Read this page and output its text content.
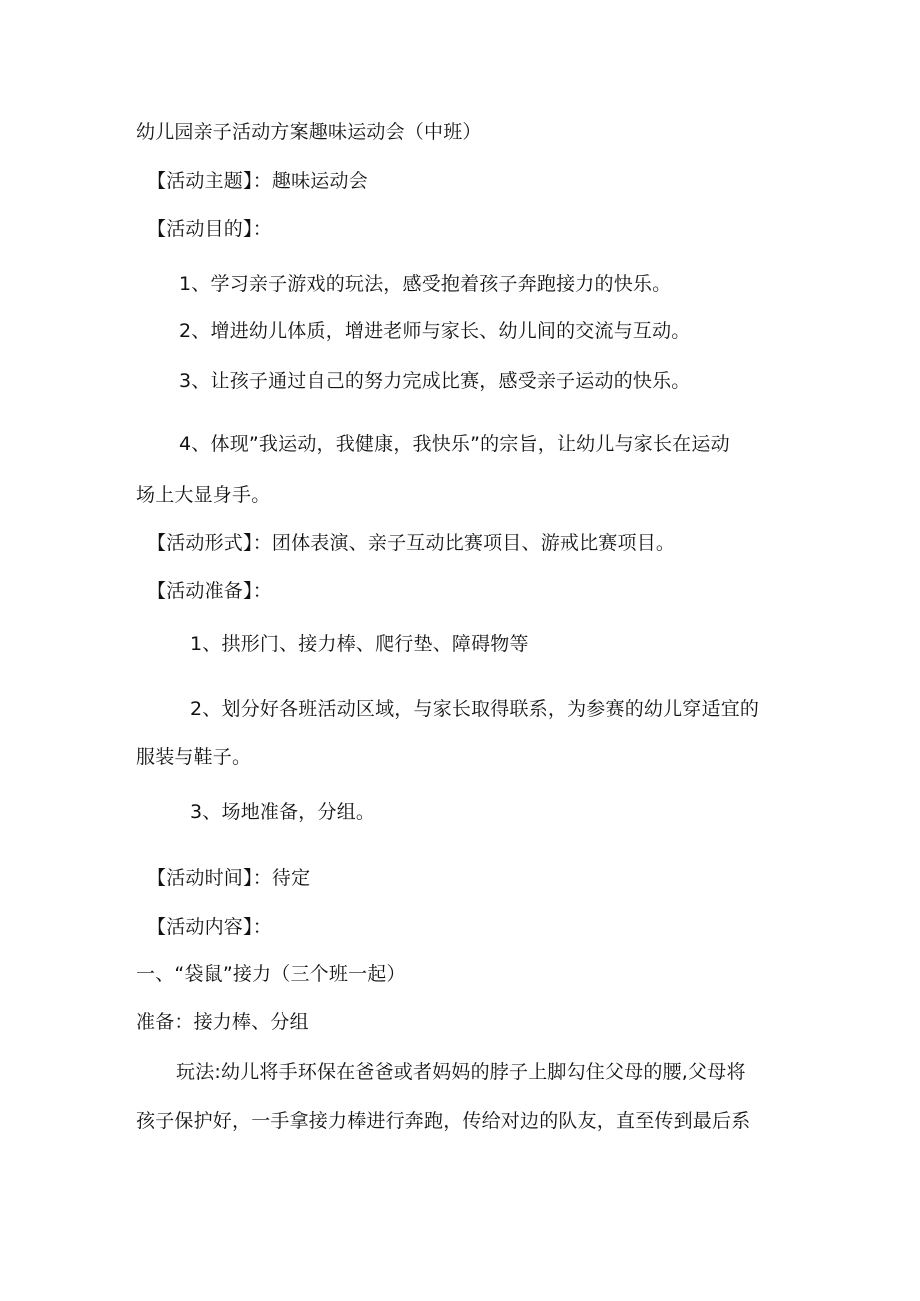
幼儿园亲子活动方案趣味运动会（中班）
【活动主题】：趣味运动会
【活动目的】：
1、学习亲子游戏的玩法，感受抱着孩子奔跑接力的快乐。
2、增进幼儿体质，增进老师与家长、幼儿间的交流与互动。
3、让孩子通过自己的努力完成比赛，感受亲子运动的快乐。
4、体现”我运动，我健康，我快乐”的宗旨，让幼儿与家长在运动
场上大显身手。
【活动形式】：团体表演、亲子互动比赛项目、游戒比赛项目。
【活动准备】：
1、拱形门、接力棒、爬行垫、障碍物等
2、划分好各班活动区域，与家长取得联系，为参赛的幼儿穿适宜的
服装与鞋子。
3、场地准备，分组。
【活动时间】：待定
【活动内容】：
一、“袋鼠”接力（三个班一起）
准备：接力棒、分组
玩法:幼儿将手环保在爸爸或者妈妈的脖子上脚勾住父母的腰,父母将
孩子保护好，一手拿接力棒进行奔跑，传给对边的队友，直至传到最后系
